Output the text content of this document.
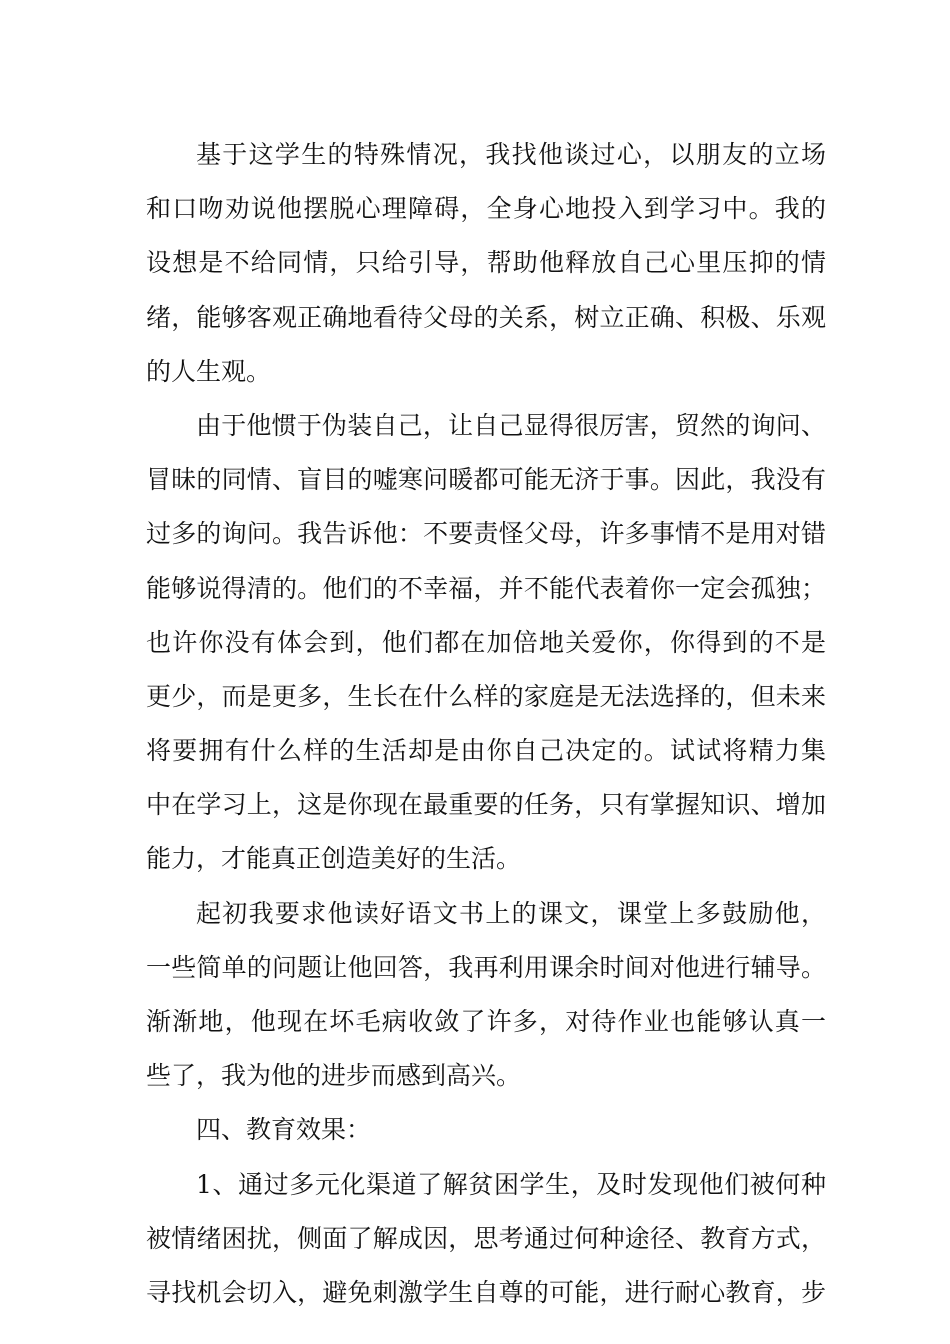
基于这学生的特殊情况，我找他谈过心，以朋友的立场
和口吻劝说他摆脱心理障碍，全身心地投入到学习中。我的
设想是不给同情，只给引导，帮助他释放自己心里压抑的情
绪，能够客观正确地看待父母的关系，树立正确、积极、乐观
的人生观。
由于他惯于伪装自己，让自己显得很厉害，贸然的询问、
冒昧的同情、盲目的嘘寒问暖都可能无济于事。因此，我没有
过多的询问。我告诉他：不要责怪父母，许多事情不是用对错
能够说得清的。他们的不幸福，并不能代表着你一定会孤独；
也许你没有体会到，他们都在加倍地关爱你，你得到的不是
更少，而是更多，生长在什么样的家庭是无法选择的，但未来
将要拥有什么样的生活却是由你自己决定的。试试将精力集
中在学习上，这是你现在最重要的任务，只有掌握知识、增加
能力，才能真正创造美好的生活。
起初我要求他读好语文书上的课文，课堂上多鼓励他，
一些简单的问题让他回答，我再利用课余时间对他进行辅导。
渐渐地，他现在坏毛病收敛了许多，对待作业也能够认真一
些了，我为他的进步而感到高兴。
四、教育效果：
1、通过多元化渠道了解贫困学生，及时发现他们被何种
被情绪困扰，侧面了解成因，思考通过何种途径、教育方式，
寻找机会切入，避免刺激学生自尊的可能，进行耐心教育，步
